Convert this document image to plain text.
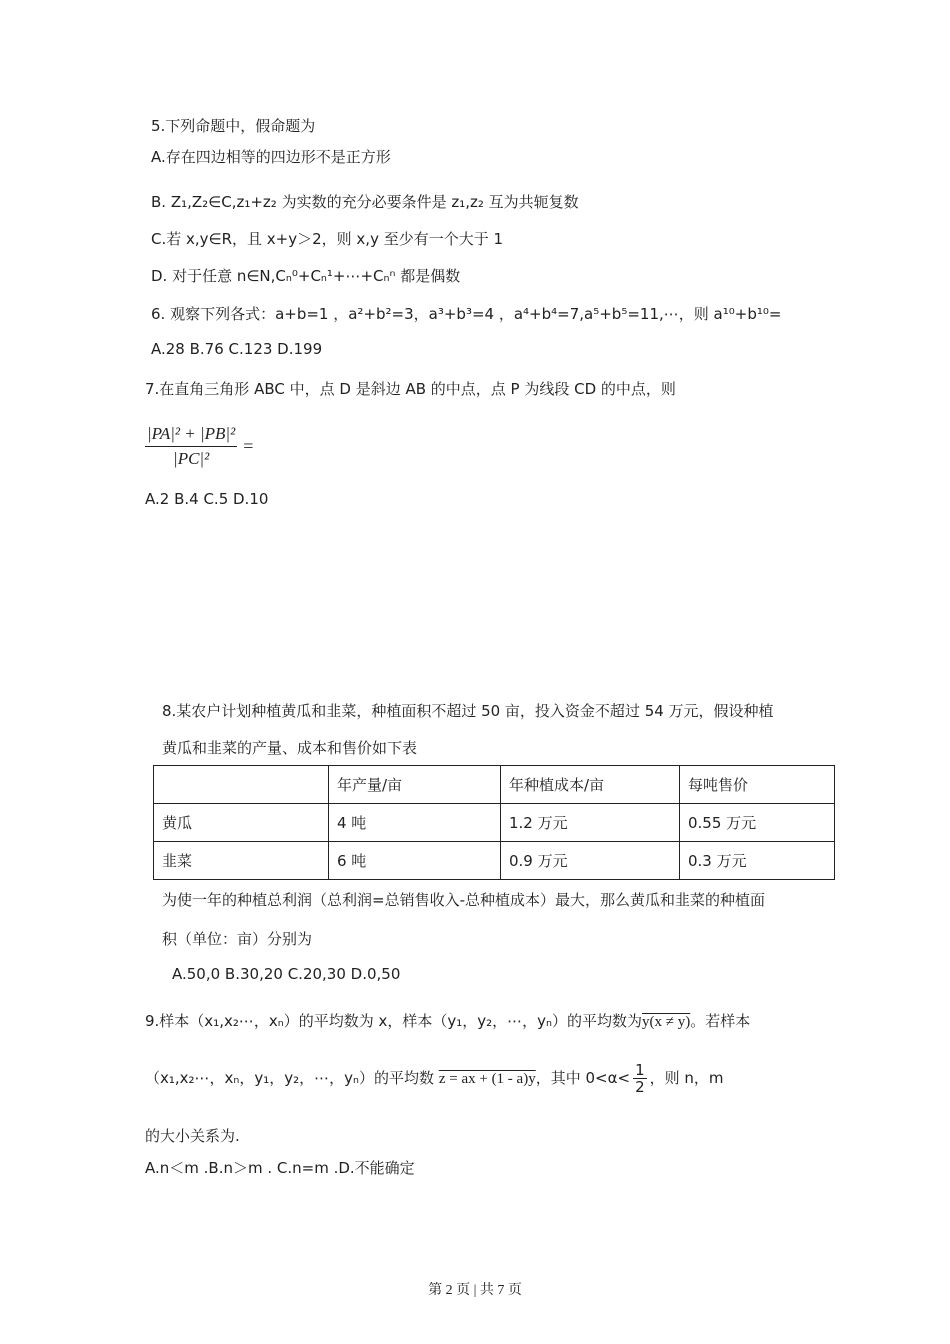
5.下列命题中，假命题为
A.存在四边相等的四边形不是正方形
B. Z₁,Z₂∈C,z₁+z₂ 为实数的充分必要条件是 z₁,z₂ 互为共轭复数
C.若 x,y∈R，且 x+y＞2，则 x,y 至少有一个大于 1
D. 对于任意 n∈N,Cₙ⁰+Cₙ¹+⋯+Cₙⁿ 都是偶数
6. 观察下列各式：a+b=1 ，a²+b²=3，a³+b³=4 ，a⁴+b⁴=7,a⁵+b⁵=11,⋯，则 a¹⁰+b¹⁰=
A.28 B.76 C.123 D.199
7.在直角三角形 ABC 中，点 D 是斜边 AB 的中点，点 P 为线段 CD 的中点，则
$\frac{\text{|PA|² + |PB|²}}{\text{|PC|²}}$ =
A.2 B.4 C.5 D.10
8.某农户计划种植黄瓜和韭菜，种植面积不超过 50 亩，投入资金不超过 54 万元，假设种植
黄瓜和韭菜的产量、成本和售价如下表
	年产量/亩	年种植成本/亩	每吨售价
黄瓜	4 吨	1.2 万元	0.55 万元
韭菜	6 吨	0.9 万元	0.3 万元
为使一年的种植总利润（总利润=总销售收入-总种植成本）最大，那么黄瓜和韭菜的种植面
积（单位：亩）分别为
A.50,0 B.30,20 C.20,30 D.0,50
9.样本（x₁,x₂⋯，xₙ）的平均数为 x，样本（y₁，y₂，⋯，yₙ）的平均数为y(x ≠ y)。若样本
（x₁,x₂⋯，xₙ，y₁，y₂，⋯，yₙ）的平均数 z = ax + (1 - a)y，其中 $0<\alpha< \frac{1}{2}$ ，则 n，m
的大小关系为.
A.n＜m .B.n＞m . C.n=m .D.不能确定
第 2 页 | 共 7 页
